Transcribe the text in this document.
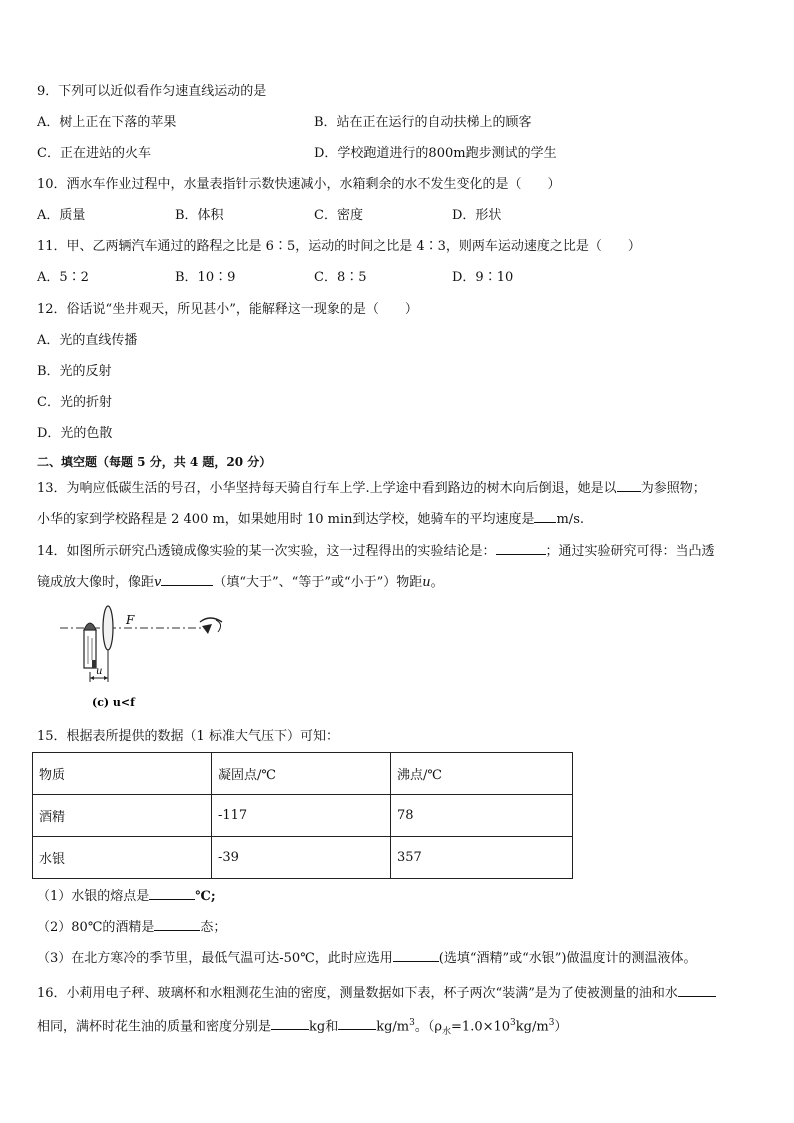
9．下列可以近似看作匀速直线运动的是
A．树上正在下落的苹果	B．站在正在运行的自动扶梯上的顾客
C．正在进站的火车	D．学校跑道进行的800m跑步测试的学生
10．洒水车作业过程中，水量表指针示数快速减小，水箱剩余的水不发生变化的是（　　）
A．质量	B．体积	C．密度	D．形状
11．甲、乙两辆汽车通过的路程之比是 6∶5，运动的时间之比是 4∶3，则两车运动速度之比是（　　）
A．5∶2	B．10∶9	C．8∶5	D．9∶10
12．俗话说“坐井观天，所见甚小”，能解释这一现象的是（　　）
A．光的直线传播
B．光的反射
C．光的折射
D．光的色散
二、填空题（每题 5 分，共 4 题，20 分）
13．为响应低碳生活的号召，小华坚持每天骑自行车上学.上学途中看到路边的树木向后倒退，她是以 为参照物；
小华的家到学校路程是 2 400 m，如果她用时 10 min到达学校，她骑车的平均速度是 m/s.
14．如图所示研究凸透镜成像实验的某一次实验，这一过程得出的实验结论是：	；通过实验研究可得：当凸透
镜成放大像时，像距v	（填“大于”、“等于”或“小于”）物距u。
F
u
(c) u<f
15．根据表所提供的数据（1 标准大气压下）可知：
物质	凝固点/℃	沸点/℃
酒精	-117	78
水银	-39	357
（1）水银的熔点是	℃;
（2）80℃的酒精是	态；
（3）在北方寒冷的季节里，最低气温可达-50℃，此时应选用	(选填“酒精”或“水银”)做温度计的测温液体。
16．小莉用电子秤、玻璃杯和水粗测花生油的密度，测量数据如下表，杯子两次“装满”是为了使被测量的油和水
相同，满杯时花生油的质量和密度分别是	kg和	$kg/m^3$。$(\rho_水=1.0\times 10^3kg/m^3)$
